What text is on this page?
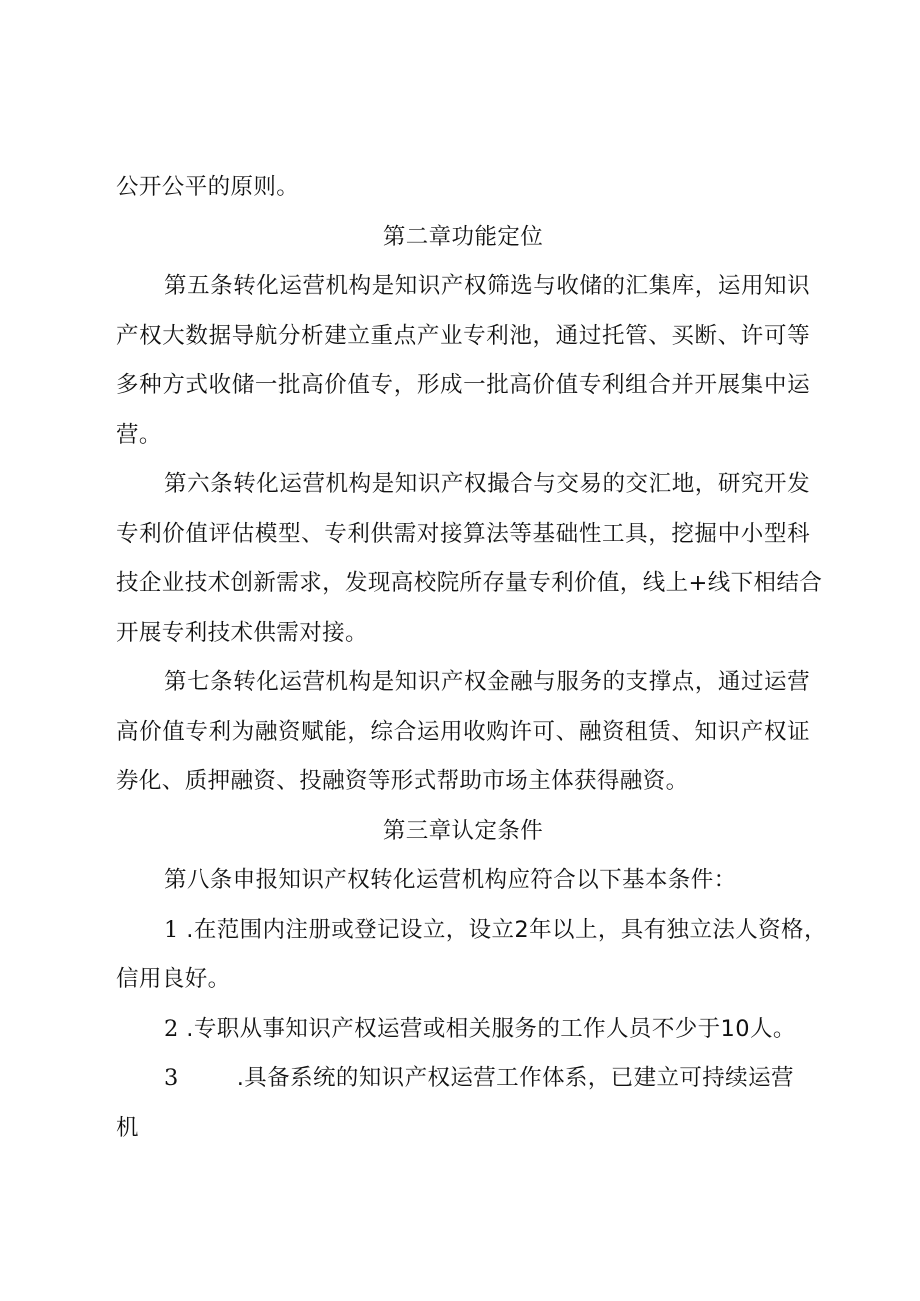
公开公平的原则。
第二章功能定位
第五条转化运营机构是知识产权筛选与收储的汇集库，运用知识
产权大数据导航分析建立重点产业专利池，通过托管、买断、许可等
多种方式收储一批高价值专，形成一批高价值专利组合并开展集中运
营。
第六条转化运营机构是知识产权撮合与交易的交汇地，研究开发
专利价值评估模型、专利供需对接算法等基础性工具，挖掘中小型科
技企业技术创新需求，发现高校院所存量专利价值，线上+线下相结合
开展专利技术供需对接。
第七条转化运营机构是知识产权金融与服务的支撑点，通过运营
高价值专利为融资赋能，综合运用收购许可、融资租赁、知识产权证
券化、质押融资、投融资等形式帮助市场主体获得融资。
第三章认定条件
第八条申报知识产权转化运营机构应符合以下基本条件：
1 .在范围内注册或登记设立，设立2年以上，具有独立法人资格，
信用良好。
2 .专职从事知识产权运营或相关服务的工作人员不少于10人。
3	.具备系统的知识产权运营工作体系，已建立可持续运营
机
